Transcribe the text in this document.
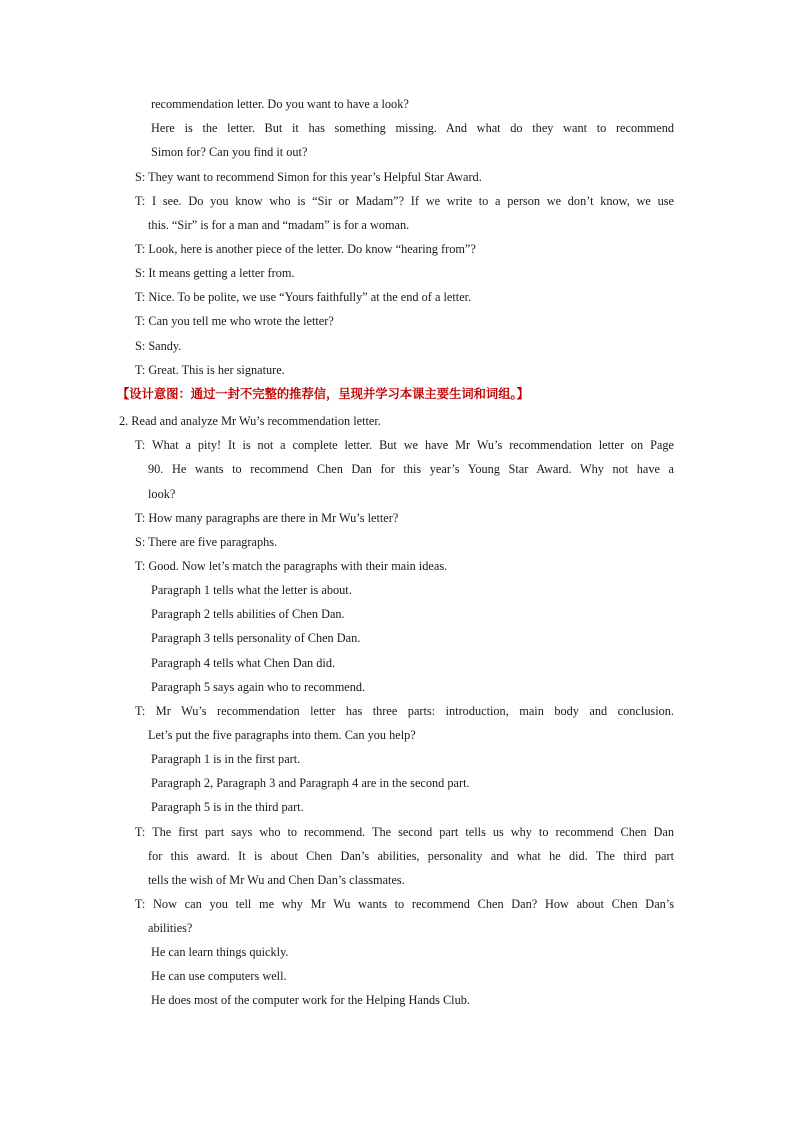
recommendation letter. Do you want to have a look?
Here is the letter. But it has something missing. And what do they want to recommend
Simon for? Can you find it out?
S: They want to recommend Simon for this year’s Helpful Star Award.
T: I see. Do you know who is “Sir or Madam”? If we write to a person we don’t know, we use
this. “Sir” is for a man and “madam” is for a woman.
T: Look, here is another piece of the letter. Do know “hearing from”?
S: It means getting a letter from.
T: Nice. To be polite, we use “Yours faithfully” at the end of a letter.
T: Can you tell me who wrote the letter?
S: Sandy.
T: Great. This is her signature.
【设计意图：通过一封不完整的推荐信，呈现并学习本课主要生词和词组。】
2. Read and analyze Mr Wu’s recommendation letter.
T: What a pity! It is not a complete letter. But we have Mr Wu’s recommendation letter on Page
90. He wants to recommend Chen Dan for this year’s Young Star Award. Why not have a
look?
T: How many paragraphs are there in Mr Wu’s letter?
S: There are five paragraphs.
T: Good. Now let’s match the paragraphs with their main ideas.
Paragraph 1 tells what the letter is about.
Paragraph 2 tells abilities of Chen Dan.
Paragraph 3 tells personality of Chen Dan.
Paragraph 4 tells what Chen Dan did.
Paragraph 5 says again who to recommend.
T: Mr Wu’s recommendation letter has three parts: introduction, main body and conclusion.
Let’s put the five paragraphs into them. Can you help?
Paragraph 1 is in the first part.
Paragraph 2, Paragraph 3 and Paragraph 4 are in the second part.
Paragraph 5 is in the third part.
T: The first part says who to recommend. The second part tells us why to recommend Chen Dan
for this award. It is about Chen Dan’s abilities, personality and what he did. The third part
tells the wish of Mr Wu and Chen Dan’s classmates.
T: Now can you tell me why Mr Wu wants to recommend Chen Dan? How about Chen Dan’s
abilities?
He can learn things quickly.
He can use computers well.
He does most of the computer work for the Helping Hands Club.
